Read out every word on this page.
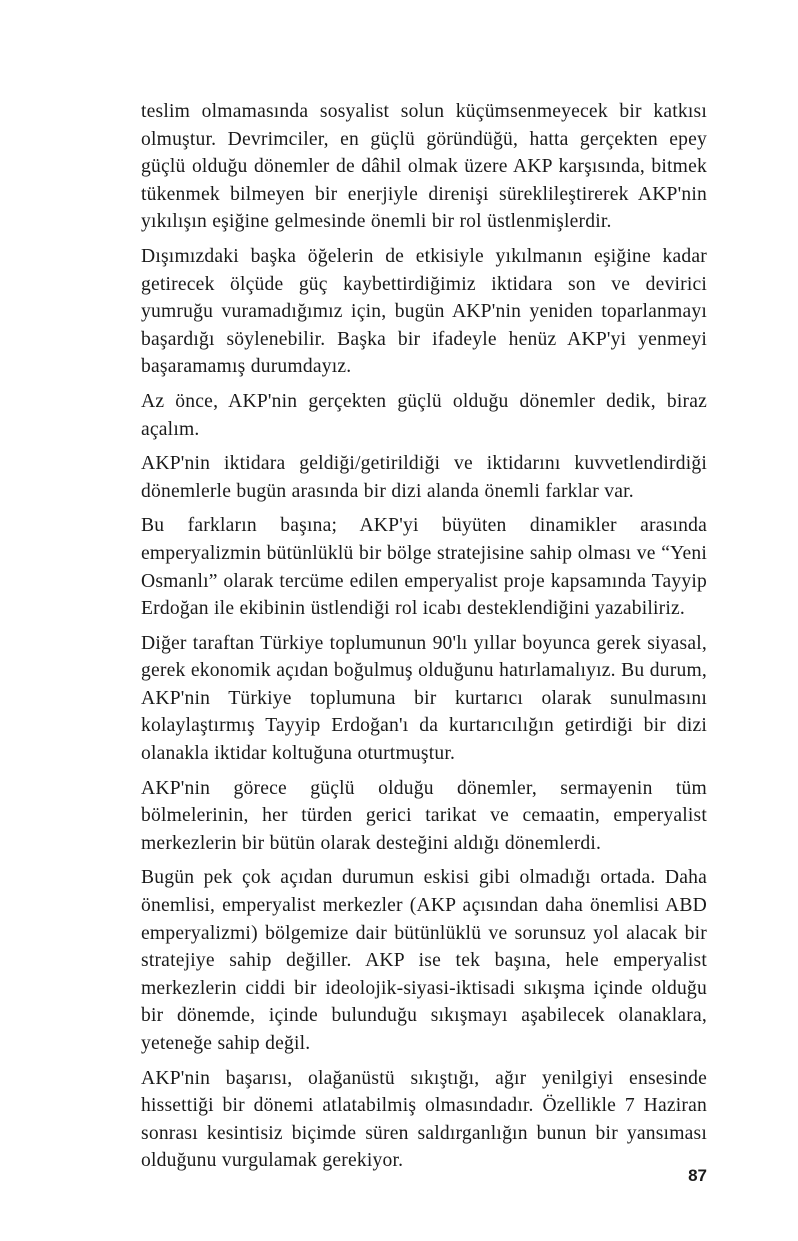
teslim olmamasında sosyalist solun küçümsenmeyecek bir katkısı olmuştur. Devrimciler, en güçlü göründüğü, hatta gerçekten epey güçlü olduğu dönemler de dâhil olmak üzere AKP karşısında, bitmek tükenmek bilmeyen bir enerjiyle direnişi süreklileştirerek AKP'nin yıkılışın eşiğine gelmesinde önemli bir rol üstlenmişlerdir.

Dışımızdaki başka öğelerin de etkisiyle yıkılmanın eşiğine kadar getirecek ölçüde güç kaybettirdiğimiz iktidara son ve devirici yumruğu vuramadığımız için, bugün AKP'nin yeniden toparlanmayı başardığı söylenebilir. Başka bir ifadeyle henüz AKP'yi yenmeyi başaramamış durumdayız.

Az önce, AKP'nin gerçekten güçlü olduğu dönemler dedik, biraz açalım.

AKP'nin iktidara geldiği/getirildiği ve iktidarını kuvvetlendirdiği dönemlerle bugün arasında bir dizi alanda önemli farklar var.

Bu farkların başına; AKP'yi büyüten dinamikler arasında emperyalizmin bütünlüklü bir bölge stratejisine sahip olması ve “Yeni Osmanlı” olarak tercüme edilen emperyalist proje kapsamında Tayyip Erdoğan ile ekibinin üstlendiği rol icabı desteklendiğini yazabiliriz.

Diğer taraftan Türkiye toplumunun 90'lı yıllar boyunca gerek siyasal, gerek ekonomik açıdan boğulmuş olduğunu hatırlamalıyız. Bu durum, AKP'nin Türkiye toplumuna bir kurtarıcı olarak sunulmasını kolaylaştırmış Tayyip Erdoğan'ı da kurtarıcılığın getirdiği bir dizi olanakla iktidar koltuğuna oturtmuştur.

AKP'nin görece güçlü olduğu dönemler, sermayenin tüm bölmelerinin, her türden gerici tarikat ve cemaatin, emperyalist merkezlerin bir bütün olarak desteğini aldığı dönemlerdi.

Bugün pek çok açıdan durumun eskisi gibi olmadığı ortada. Daha önemlisi, emperyalist merkezler (AKP açısından daha önemlisi ABD emperyalizmi) bölgemize dair bütünlüklü ve sorunsuz yol alacak bir stratejiye sahip değiller. AKP ise tek başına, hele emperyalist merkezlerin ciddi bir ideolojik-siyasi-iktisadi sıkışma içinde olduğu bir dönemde, içinde bulunduğu sıkışmayı aşabilecek olanaklara, yeteneğe sahip değil.

AKP'nin başarısı, olağanüstü sıkıştığı, ağır yenilgiyi ensesinde hissettiği bir dönemi atlatabilmiş olmasındadır. Özellikle 7 Haziran sonrası kesintisiz biçimde süren saldırganlığın bunun bir yansıması olduğunu vurgulamak gerekiyor.

87
